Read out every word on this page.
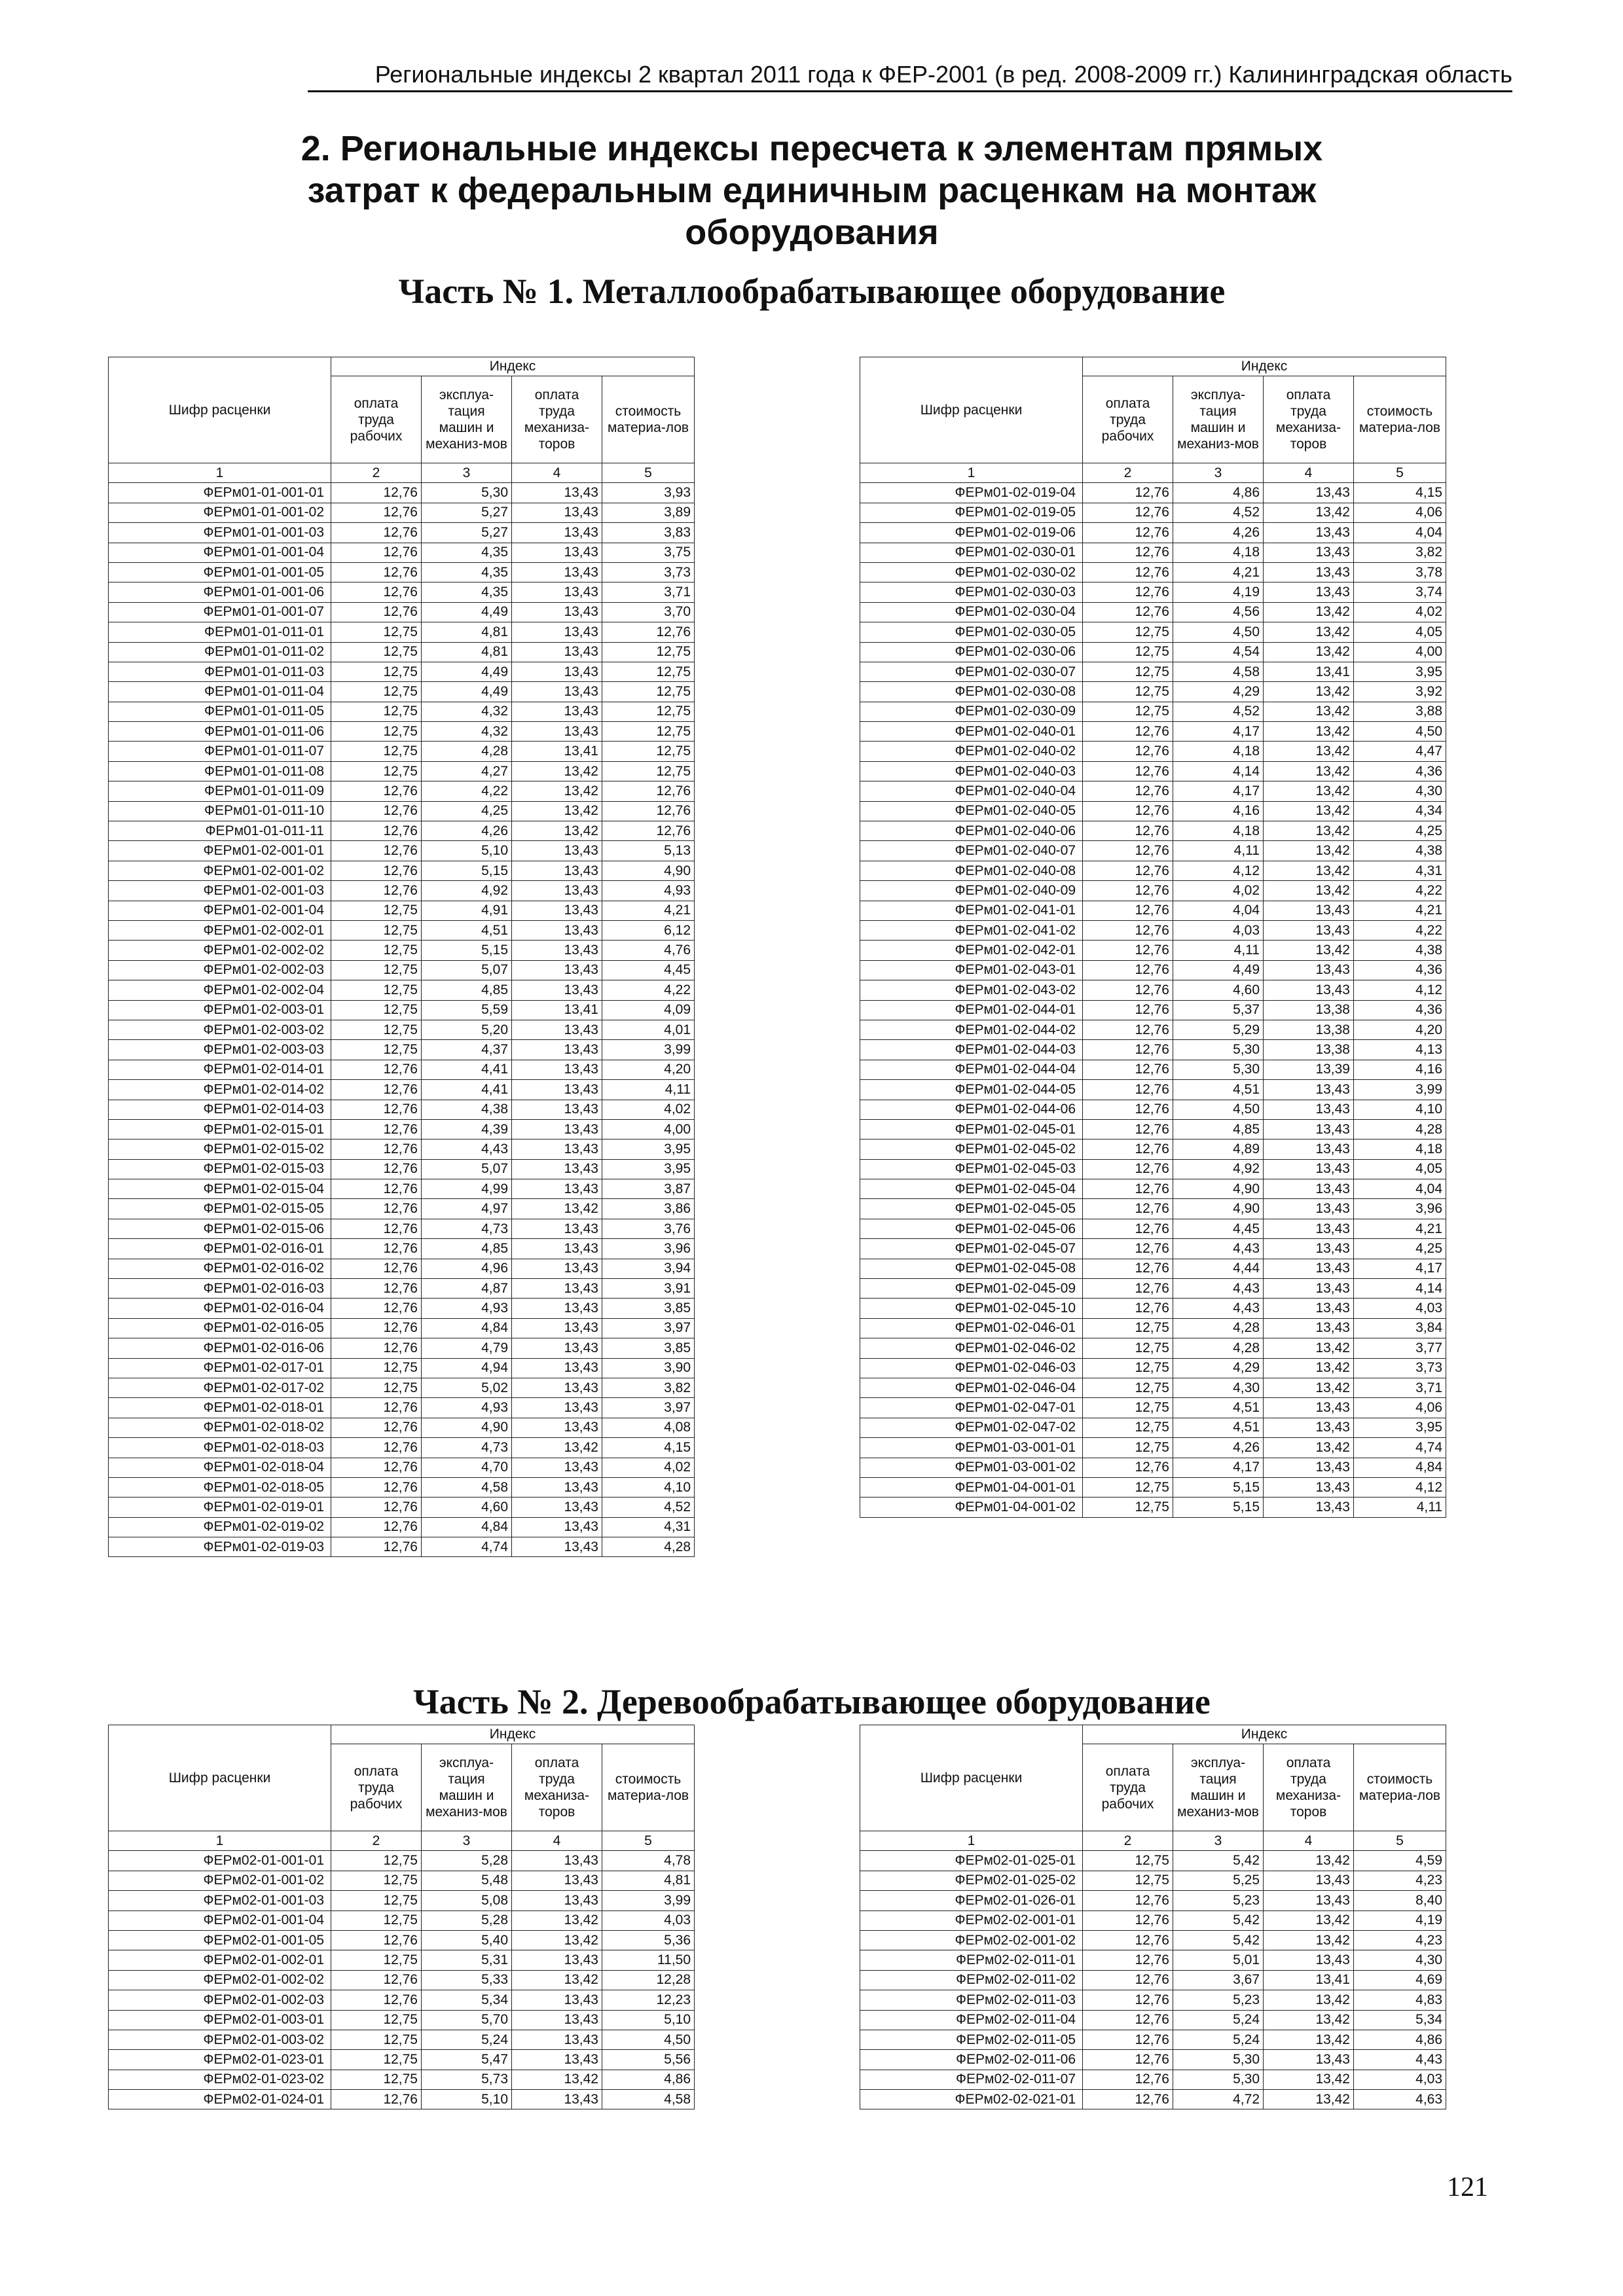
Региональные индексы 2 квартал 2011 года к ФЕР-2001 (в ред. 2008-2009 гг.) Калининградская область
2. Региональные индексы пересчета к элементам прямых
затрат к федеральным единичным расценкам на монтаж
оборудования
Часть № 1. Металлообрабатывающее оборудование
Шифр расценки	Индекс			
	оплата труда рабочих	эксплуа-тация машин и механиз-мов	оплата труда механиза-торов	стоимость материа-лов
1	2	3	4	5
ФЕРм01-01-001-01	12,76	5,30	13,43	3,93
ФЕРм01-01-001-02	12,76	5,27	13,43	3,89
ФЕРм01-01-001-03	12,76	5,27	13,43	3,83
ФЕРм01-01-001-04	12,76	4,35	13,43	3,75
ФЕРм01-01-001-05	12,76	4,35	13,43	3,73
ФЕРм01-01-001-06	12,76	4,35	13,43	3,71
ФЕРм01-01-001-07	12,76	4,49	13,43	3,70
ФЕРм01-01-011-01	12,75	4,81	13,43	12,76
ФЕРм01-01-011-02	12,75	4,81	13,43	12,75
ФЕРм01-01-011-03	12,75	4,49	13,43	12,75
ФЕРм01-01-011-04	12,75	4,49	13,43	12,75
ФЕРм01-01-011-05	12,75	4,32	13,43	12,75
ФЕРм01-01-011-06	12,75	4,32	13,43	12,75
ФЕРм01-01-011-07	12,75	4,28	13,41	12,75
ФЕРм01-01-011-08	12,75	4,27	13,42	12,75
ФЕРм01-01-011-09	12,76	4,22	13,42	12,76
ФЕРм01-01-011-10	12,76	4,25	13,42	12,76
ФЕРм01-01-011-11	12,76	4,26	13,42	12,76
ФЕРм01-02-001-01	12,76	5,10	13,43	5,13
ФЕРм01-02-001-02	12,76	5,15	13,43	4,90
ФЕРм01-02-001-03	12,76	4,92	13,43	4,93
ФЕРм01-02-001-04	12,75	4,91	13,43	4,21
ФЕРм01-02-002-01	12,75	4,51	13,43	6,12
ФЕРм01-02-002-02	12,75	5,15	13,43	4,76
ФЕРм01-02-002-03	12,75	5,07	13,43	4,45
ФЕРм01-02-002-04	12,75	4,85	13,43	4,22
ФЕРм01-02-003-01	12,75	5,59	13,41	4,09
ФЕРм01-02-003-02	12,75	5,20	13,43	4,01
ФЕРм01-02-003-03	12,75	4,37	13,43	3,99
ФЕРм01-02-014-01	12,76	4,41	13,43	4,20
ФЕРм01-02-014-02	12,76	4,41	13,43	4,11
ФЕРм01-02-014-03	12,76	4,38	13,43	4,02
ФЕРм01-02-015-01	12,76	4,39	13,43	4,00
ФЕРм01-02-015-02	12,76	4,43	13,43	3,95
ФЕРм01-02-015-03	12,76	5,07	13,43	3,95
ФЕРм01-02-015-04	12,76	4,99	13,43	3,87
ФЕРм01-02-015-05	12,76	4,97	13,42	3,86
ФЕРм01-02-015-06	12,76	4,73	13,43	3,76
ФЕРм01-02-016-01	12,76	4,85	13,43	3,96
ФЕРм01-02-016-02	12,76	4,96	13,43	3,94
ФЕРм01-02-016-03	12,76	4,87	13,43	3,91
ФЕРм01-02-016-04	12,76	4,93	13,43	3,85
ФЕРм01-02-016-05	12,76	4,84	13,43	3,97
ФЕРм01-02-016-06	12,76	4,79	13,43	3,85
ФЕРм01-02-017-01	12,75	4,94	13,43	3,90
ФЕРм01-02-017-02	12,75	5,02	13,43	3,82
ФЕРм01-02-018-01	12,76	4,93	13,43	3,97
ФЕРм01-02-018-02	12,76	4,90	13,43	4,08
ФЕРм01-02-018-03	12,76	4,73	13,42	4,15
ФЕРм01-02-018-04	12,76	4,70	13,43	4,02
ФЕРм01-02-018-05	12,76	4,58	13,43	4,10
ФЕРм01-02-019-01	12,76	4,60	13,43	4,52
ФЕРм01-02-019-02	12,76	4,84	13,43	4,31
ФЕРм01-02-019-03	12,76	4,74	13,43	4,28
Шифр расценки	Индекс			
	оплата труда рабочих	эксплуа-тация машин и механиз-мов	оплата труда механиза-торов	стоимость материа-лов
1	2	3	4	5
ФЕРм01-02-019-04	12,76	4,86	13,43	4,15
ФЕРм01-02-019-05	12,76	4,52	13,42	4,06
ФЕРм01-02-019-06	12,76	4,26	13,43	4,04
ФЕРм01-02-030-01	12,76	4,18	13,43	3,82
ФЕРм01-02-030-02	12,76	4,21	13,43	3,78
ФЕРм01-02-030-03	12,76	4,19	13,43	3,74
ФЕРм01-02-030-04	12,76	4,56	13,42	4,02
ФЕРм01-02-030-05	12,75	4,50	13,42	4,05
ФЕРм01-02-030-06	12,75	4,54	13,42	4,00
ФЕРм01-02-030-07	12,75	4,58	13,41	3,95
ФЕРм01-02-030-08	12,75	4,29	13,42	3,92
ФЕРм01-02-030-09	12,75	4,52	13,42	3,88
ФЕРм01-02-040-01	12,76	4,17	13,42	4,50
ФЕРм01-02-040-02	12,76	4,18	13,42	4,47
ФЕРм01-02-040-03	12,76	4,14	13,42	4,36
ФЕРм01-02-040-04	12,76	4,17	13,42	4,30
ФЕРм01-02-040-05	12,76	4,16	13,42	4,34
ФЕРм01-02-040-06	12,76	4,18	13,42	4,25
ФЕРм01-02-040-07	12,76	4,11	13,42	4,38
ФЕРм01-02-040-08	12,76	4,12	13,42	4,31
ФЕРм01-02-040-09	12,76	4,02	13,42	4,22
ФЕРм01-02-041-01	12,76	4,04	13,43	4,21
ФЕРм01-02-041-02	12,76	4,03	13,43	4,22
ФЕРм01-02-042-01	12,76	4,11	13,42	4,38
ФЕРм01-02-043-01	12,76	4,49	13,43	4,36
ФЕРм01-02-043-02	12,76	4,60	13,43	4,12
ФЕРм01-02-044-01	12,76	5,37	13,38	4,36
ФЕРм01-02-044-02	12,76	5,29	13,38	4,20
ФЕРм01-02-044-03	12,76	5,30	13,38	4,13
ФЕРм01-02-044-04	12,76	5,30	13,39	4,16
ФЕРм01-02-044-05	12,76	4,51	13,43	3,99
ФЕРм01-02-044-06	12,76	4,50	13,43	4,10
ФЕРм01-02-045-01	12,76	4,85	13,43	4,28
ФЕРм01-02-045-02	12,76	4,89	13,43	4,18
ФЕРм01-02-045-03	12,76	4,92	13,43	4,05
ФЕРм01-02-045-04	12,76	4,90	13,43	4,04
ФЕРм01-02-045-05	12,76	4,90	13,43	3,96
ФЕРм01-02-045-06	12,76	4,45	13,43	4,21
ФЕРм01-02-045-07	12,76	4,43	13,43	4,25
ФЕРм01-02-045-08	12,76	4,44	13,43	4,17
ФЕРм01-02-045-09	12,76	4,43	13,43	4,14
ФЕРм01-02-045-10	12,76	4,43	13,43	4,03
ФЕРм01-02-046-01	12,75	4,28	13,43	3,84
ФЕРм01-02-046-02	12,75	4,28	13,42	3,77
ФЕРм01-02-046-03	12,75	4,29	13,42	3,73
ФЕРм01-02-046-04	12,75	4,30	13,42	3,71
ФЕРм01-02-047-01	12,75	4,51	13,43	4,06
ФЕРм01-02-047-02	12,75	4,51	13,43	3,95
ФЕРм01-03-001-01	12,75	4,26	13,42	4,74
ФЕРм01-03-001-02	12,76	4,17	13,43	4,84
ФЕРм01-04-001-01	12,75	5,15	13,43	4,12
ФЕРм01-04-001-02	12,75	5,15	13,43	4,11
Часть № 2. Деревообрабатывающее оборудование
Шифр расценки	Индекс			
	оплата труда рабочих	эксплуа-тация машин и механиз-мов	оплата труда механиза-торов	стоимость материа-лов
1	2	3	4	5
ФЕРм02-01-001-01	12,75	5,28	13,43	4,78
ФЕРм02-01-001-02	12,75	5,48	13,43	4,81
ФЕРм02-01-001-03	12,75	5,08	13,43	3,99
ФЕРм02-01-001-04	12,75	5,28	13,42	4,03
ФЕРм02-01-001-05	12,76	5,40	13,42	5,36
ФЕРм02-01-002-01	12,75	5,31	13,43	11,50
ФЕРм02-01-002-02	12,76	5,33	13,42	12,28
ФЕРм02-01-002-03	12,76	5,34	13,43	12,23
ФЕРм02-01-003-01	12,75	5,70	13,43	5,10
ФЕРм02-01-003-02	12,75	5,24	13,43	4,50
ФЕРм02-01-023-01	12,75	5,47	13,43	5,56
ФЕРм02-01-023-02	12,75	5,73	13,42	4,86
ФЕРм02-01-024-01	12,76	5,10	13,43	4,58
Шифр расценки	Индекс			
	оплата труда рабочих	эксплуа-тация машин и механиз-мов	оплата труда механиза-торов	стоимость материа-лов
1	2	3	4	5
ФЕРм02-01-025-01	12,75	5,42	13,42	4,59
ФЕРм02-01-025-02	12,75	5,25	13,43	4,23
ФЕРм02-01-026-01	12,76	5,23	13,43	8,40
ФЕРм02-02-001-01	12,76	5,42	13,42	4,19
ФЕРм02-02-001-02	12,76	5,42	13,42	4,23
ФЕРм02-02-011-01	12,76	5,01	13,43	4,30
ФЕРм02-02-011-02	12,76	3,67	13,41	4,69
ФЕРм02-02-011-03	12,76	5,23	13,42	4,83
ФЕРм02-02-011-04	12,76	5,24	13,42	5,34
ФЕРм02-02-011-05	12,76	5,24	13,42	4,86
ФЕРм02-02-011-06	12,76	5,30	13,43	4,43
ФЕРм02-02-011-07	12,76	5,30	13,42	4,03
ФЕРм02-02-021-01	12,76	4,72	13,42	4,63
121
